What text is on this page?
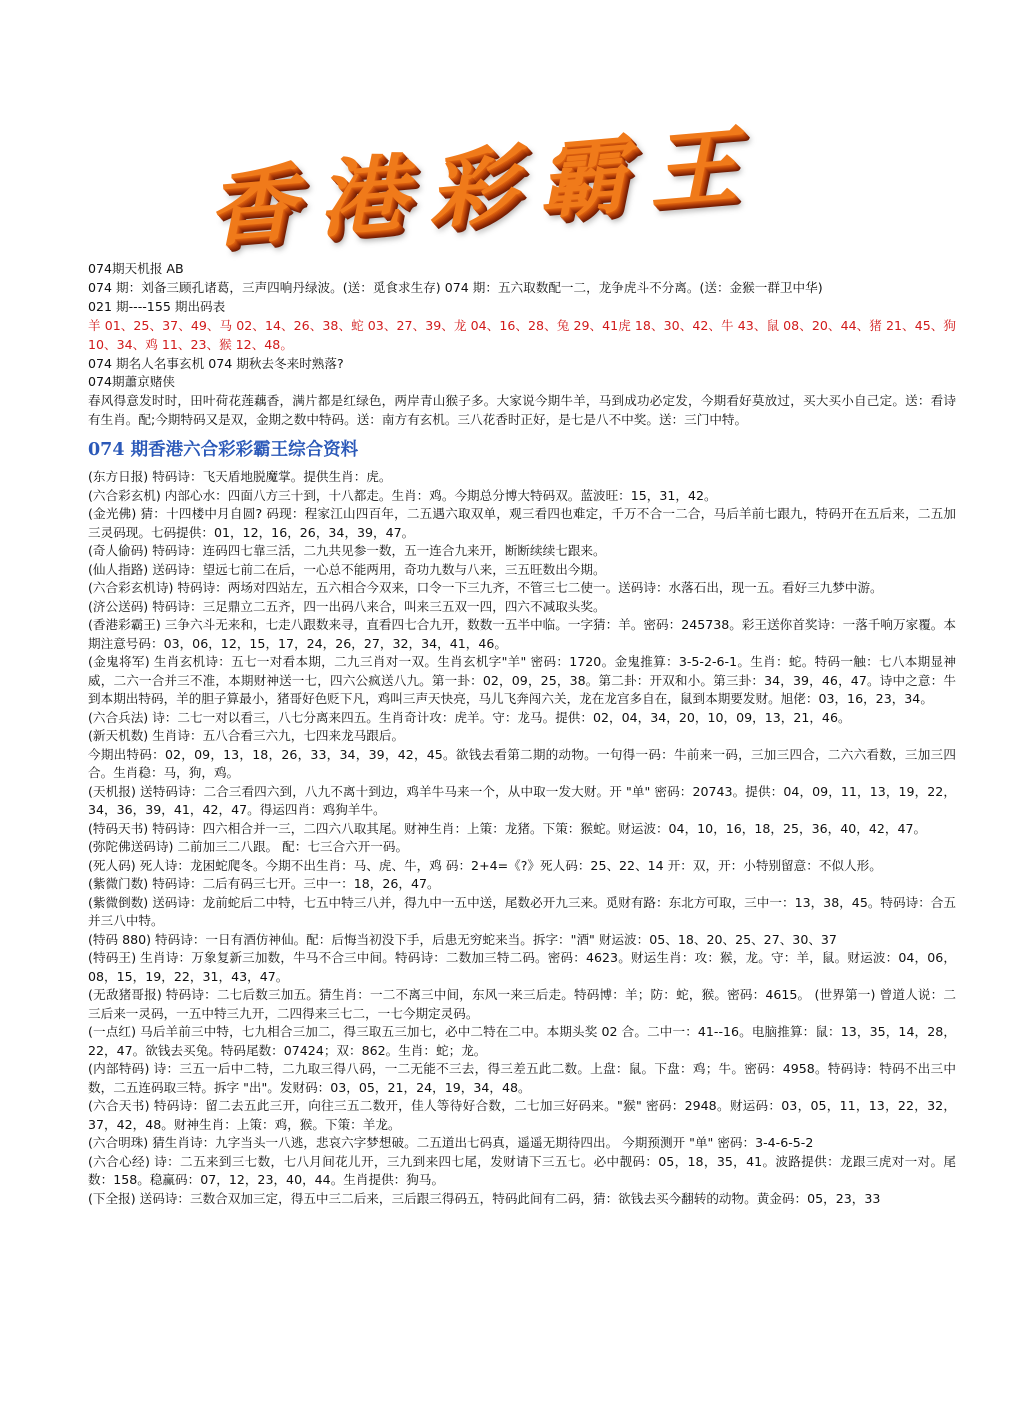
香港彩霸王

074期天机报 AB

074 期：刘备三顾孔诸葛，三声四响丹绿波。(送：觅食求生存) 074 期：五六取数配一二，龙争虎斗不分离。(送：金猴一群卫中华)

021 期----155 期出码表

羊 01、25、37、49、马 02、14、26、38、蛇 03、27、39、龙 04、16、28、兔 29、41虎 18、30、42、牛 43、鼠 08、20、44、猪 21、45、狗 10、34、鸡 11、23、猴 12、48。

074 期名人名事玄机 074 期秋去冬来时熟落?

074期蕭京赌侠

春风得意发时时，田叶荷花莲藕香，满片都是红绿色，两岸青山猴子多。大家说今期牛羊，马到成功必定发，今期看好莫放过，买大买小自己定。送：看诗有生肖。配;今期特码又是双，金期之数中特码。送：南方有玄机。三八花香时正好，是七是八不中奖。送：三门中特。

074 期香港六合彩彩霸王综合资料

(东方日报) 特码诗：飞天盾地脱魔掌。提供生肖：虎。

(六合彩玄机) 内部心水：四面八方三十到，十八都走。生肖：鸡。今期总分博大特码双。蓝波旺：15，31，42。

(金光佛) 猜：十四楼中月自圆? 码现：程家江山四百年，二五遇六取双单，观三看四也难定，千万不合一二合，马后羊前七跟九，特码开在五后来，二五加三灵码现。七码提供：01，12，16，26，34，39，47。

(奇人偷码) 特码诗：连码四七靠三活，二九共见参一数，五一连合九来开，断断续续七跟来。

(仙人指路) 送码诗：望远七前二在后，一心总不能两用，奇功九数与八来，三五旺数出今期。

(六合彩玄机诗) 特码诗：两场对四站左，五六相合今双来，口令一下三九齐，不管三七二使一。送码诗：水落石出，现一五。看好三九梦中游。

(济公送码) 特码诗：三足鼎立二五齐，四一出码八来合，叫来三五双一四，四六不减取头奖。

(香港彩霸王) 三争六斗无来和，七走八跟数来寻，直看四七合九开，数数一五半中临。一字猜：羊。密码：245738。彩王送你首奖诗：一落千响万家覆。本期注意号码：03，06，12，15，17，24，26，27，32，34，41，46。

(金鬼将军) 生肖玄机诗：五七一对看本期，二九三肖对一双。生肖玄机字"羊" 密码：1720。金鬼推算：3-5-2-6-1。生肖：蛇。特码一触：七八本期显神威，二六一合并三不准，本期财神送一七，四六公疯送八九。第一卦：02，09，25，38。第二卦：开双和小。第三卦：34，39，46，47。诗中之意：牛到本期出特码，羊的胆子算最小，猪哥好色贬下凡，鸡叫三声天快亮，马儿飞奔闯六关，龙在龙宫多自在，鼠到本期要发财。旭佬：03，16，23，34。

(六合兵法) 诗：二七一对以看三，八七分离来四五。生肖奇计攻：虎羊。守：龙马。提供：02，04，34，20，10，09，13，21，46。

(新天机数) 生肖诗：五八合看三六九，七四来龙马跟后。

今期出特码：02，09，13，18，26，33，34，39，42，45。欲钱去看第二期的动物。一句得一码：牛前来一码，三加三四合，二六六看数，三加三四合。生肖稳：马，狗，鸡。

(天机报) 送特码诗：二合三看四六到，八九不离十到边，鸡羊牛马来一个，从中取一发大财。开 "单" 密码：20743。提供：04，09，11，13，19，22，34，36，39，41，42，47。得运四肖：鸡狗羊牛。

(特码天书) 特码诗：四六相合并一三，二四六八取其尾。财神生肖：上策：龙猪。下策：猴蛇。财运波：04，10，16，18，25，36，40，42，47。

(弥陀佛送码诗) 二前加三二八跟。 配：七三合六开一码。

(死人码) 死人诗：龙困蛇爬冬。今期不出生肖：马、虎、牛，鸡 码：2+4=《?》死人码：25、22、14 开：双，开：小特别留意：不似人形。

(紫微门数) 特码诗：二后有码三七开。三中一：18，26，47。

(紫微倒数) 送码诗：龙前蛇后二中特，七五中特三八并，得九中一五中送，尾数必开九三来。觅财有路：东北方可取，三中一：13，38，45。特码诗：合五并三八中特。

(特码 880) 特码诗：一日有酒仿神仙。配：后悔当初没下手，后患无穷蛇来当。拆字："酒" 财运波：05、18、20、25、27、30、37

(特码王) 生肖诗：万象复新三加数，牛马不合三中间。特码诗：二数加三特二码。密码：4623。财运生肖：攻：猴，龙。守：羊，鼠。财运波：04，06，08，15，19，22，31，43，47。

(无敌猪哥报) 特码诗：二七后数三加五。猜生肖：一二不离三中间，东风一来三后走。特码博：羊；防：蛇，猴。密码：4615。 (世界第一) 曾道人说：二三后来一灵码，一五中特三九开，二四得来三七二，一七今期定灵码。

(一点红) 马后羊前三中特，七九相合三加二，得三取五三加七，必中二特在二中。本期头奖 02 合。二中一：41--16。电脑推算：鼠：13，35，14，28，22，47。欲钱去买兔。特码尾数：07424；双：862。生肖：蛇；龙。

(内部特码) 诗：三五一后中二特，二九取三得八码，一二无能不三去，得三差五此二数。上盘：鼠。下盘：鸡；牛。密码：4958。特码诗：特码不出三中数，二五连码取三特。拆字 "出"。发财码：03，05，21，24，19，34，48。

(六合天书) 特码诗：留二去五此三开，向往三五二数开，佳人等待好合数，二七加三好码来。"猴" 密码：2948。财运码：03，05，11，13，22，32，37，42，48。财神生肖：上策：鸡，猴。下策：羊龙。

(六合明珠) 猜生肖诗：九字当头一八逃，悲哀六字梦想破。二五道出七码真，遥遥无期待四出。 今期预测开 "单" 密码：3-4-6-5-2

(六合心经) 诗：二五来到三七数，七八月间花儿开，三九到来四七尾，发财请下三五七。必中靓码：05，18，35，41。波路提供：龙跟三虎对一对。尾数：158。稳赢码：07，12，23，40，44。生肖提供：狗马。

(下全报) 送码诗：三数合双加三定，得五中三二后来，三后跟三得码五，特码此间有二码，猜：欲钱去买今翻转的动物。黄金码：05，23，33
